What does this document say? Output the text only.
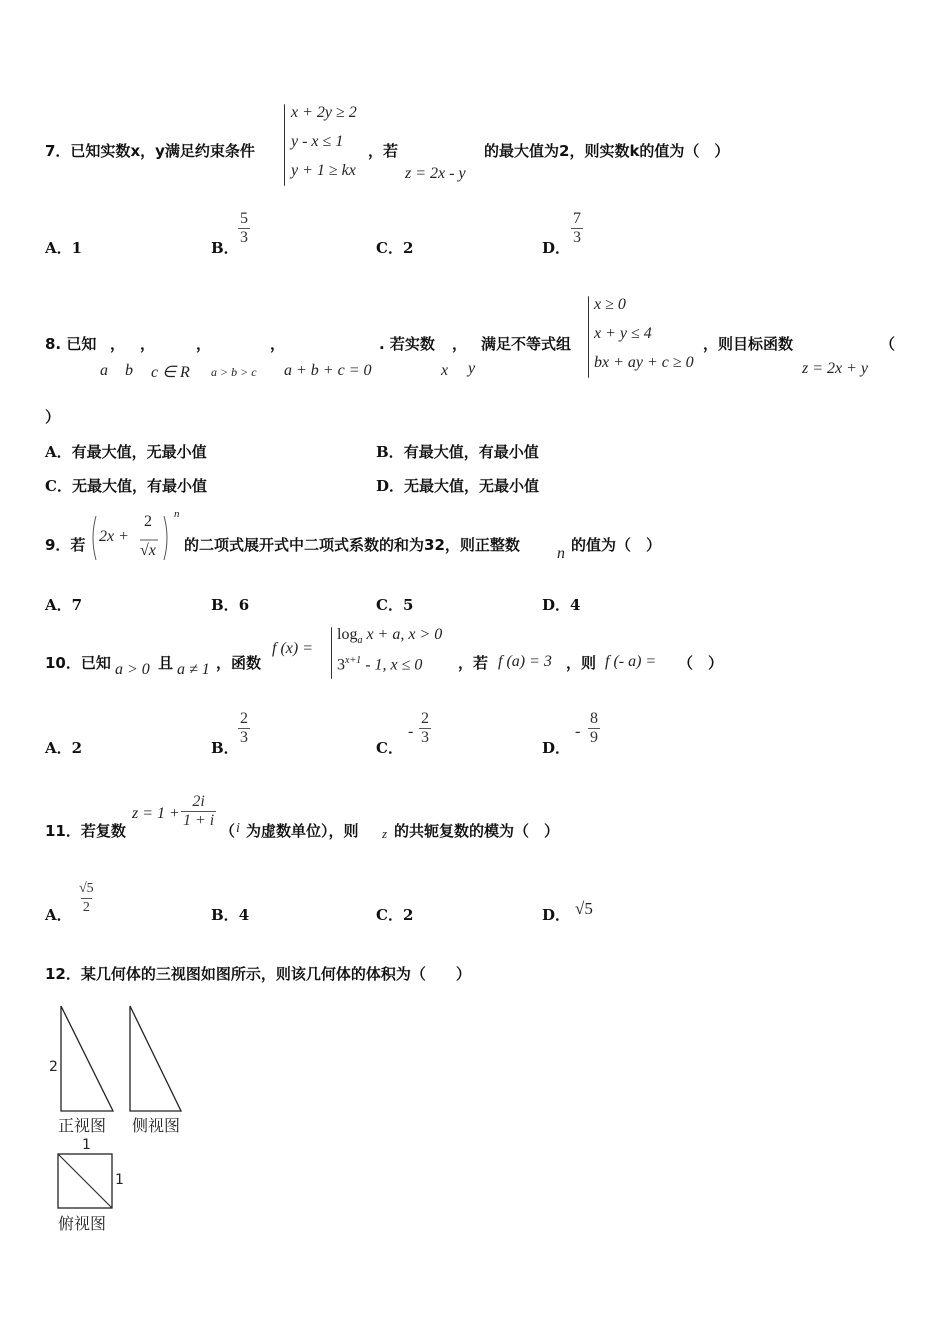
7．已知实数x，y满足约束条件
x + 2y ≥ 2
y - x ≤ 1
y + 1 ≥ kx
，若
z = 2x - y
的最大值为2，则实数k的值为（　）
A．1	B．
$\frac{5}{3}$
C．2	D．
$\frac{7}{3}$
8. 已知 ， ，	，	，	. 若实数 ， 满足不等式组
x ≥ 0
x + y ≤ 4
bx + ay + c ≥ 0
，则目标函数	（
a b c ∈ R a > b > c a + b + c = 0	x y	z = 2x + y
）
A．有最大值，无最小值	B．有最大值，有最小值
C．无最大值，有最小值	D．无最大值，无最小值
9．若 2x +
2
√x
n
的二项式展开式中二项式系数的和为32，则正整数 n 的值为（　）
A．7	B．6	C．5	D．4
10．已知 a > 0 且 a ≠ 1 ，函数
f (x) =
$\log_a x + a$, x > 0
$3^{x+1} - 1$, x ≤ 0 ，若 f (a) = 3 ，则 f (- a) = （　）
A．2	B．
$\frac{2}{3}$
C．
- $\frac{2}{3}$
D．
- $\frac{8}{9}$
11．若复数
$z = 1 + \frac{2i}{1 + i}$
（ i 为虚数单位），则 z 的共轭复数的模为（　）
A． $\frac{√5}{2}$	B．4	C．2	D． √5
12．某几何体的三视图如图所示，则该几何体的体积为（　　）
2
正视图 侧视图
1
1
俯视图
